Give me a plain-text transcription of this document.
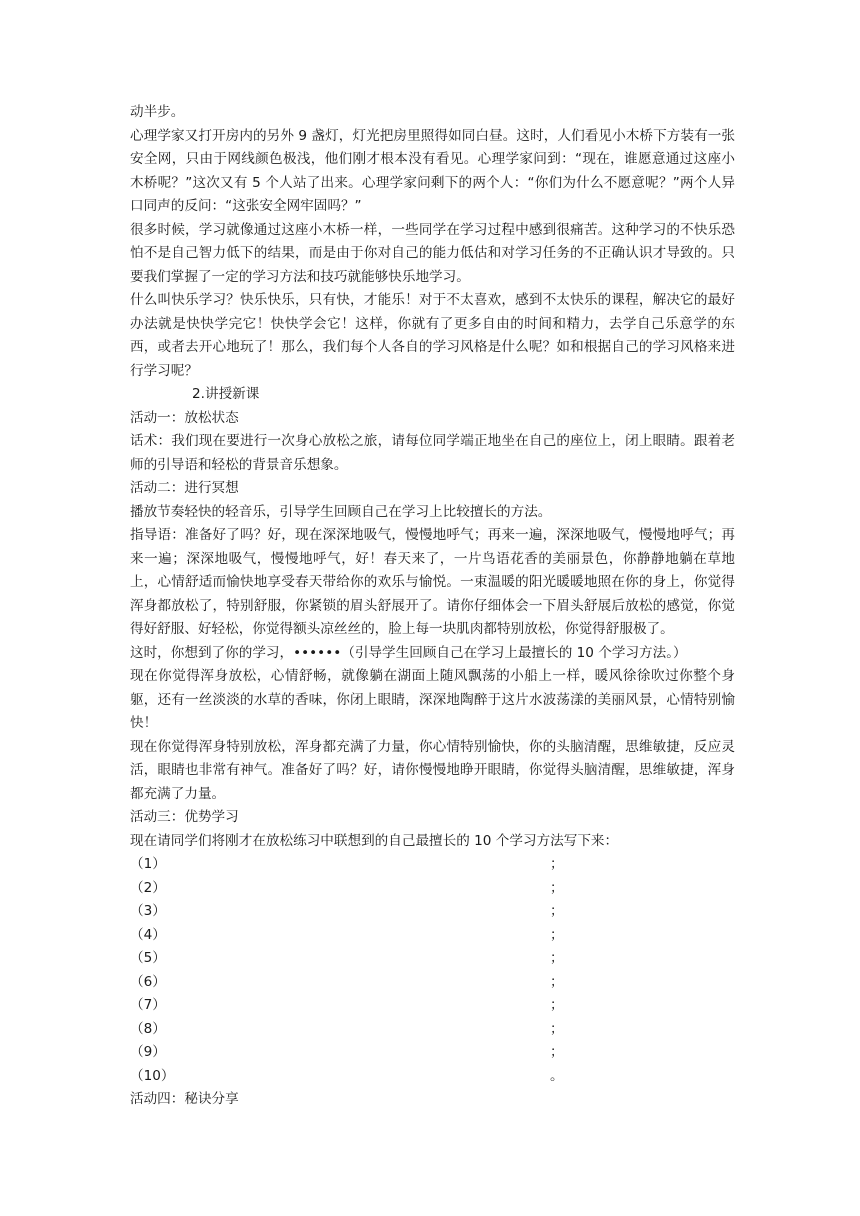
动半步。

心理学家又打开房内的另外 9 盏灯，灯光把房里照得如同白昼。这时，人们看见小木桥下方装有一张安全网，只由于网线颜色极浅，他们刚才根本没有看见。心理学家问到：“现在，谁愿意通过这座小木桥呢？”这次又有 5 个人站了出来。心理学家问剩下的两个人：“你们为什么不愿意呢？”两个人异口同声的反问：“这张安全网牢固吗？”

很多时候，学习就像通过这座小木桥一样，一些同学在学习过程中感到很痛苦。这种学习的不快乐恐怕不是自己智力低下的结果，而是由于你对自己的能力低估和对学习任务的不正确认识才导致的。只要我们掌握了一定的学习方法和技巧就能够快乐地学习。

什么叫快乐学习？快乐快乐，只有快，才能乐！对于不太喜欢，感到不太快乐的课程，解决它的最好办法就是快快学完它！快快学会它！这样，你就有了更多自由的时间和精力，去学自己乐意学的东西，或者去开心地玩了！那么，我们每个人各自的学习风格是什么呢？如和根据自己的学习风格来进行学习呢？

2.讲授新课

活动一：放松状态

话术：我们现在要进行一次身心放松之旅，请每位同学端正地坐在自己的座位上，闭上眼睛。跟着老师的引导语和轻松的背景音乐想象。

活动二：进行冥想

播放节奏轻快的轻音乐，引导学生回顾自己在学习上比较擅长的方法。

指导语：准备好了吗？好，现在深深地吸气，慢慢地呼气；再来一遍，深深地吸气，慢慢地呼气；再来一遍；深深地吸气，慢慢地呼气，好！春天来了，一片鸟语花香的美丽景色，你静静地躺在草地上，心情舒适而愉快地享受春天带给你的欢乐与愉悦。一束温暖的阳光暖暖地照在你的身上，你觉得浑身都放松了，特别舒服，你紧锁的眉头舒展开了。请你仔细体会一下眉头舒展后放松的感觉，你觉得好舒服、好轻松，你觉得额头凉丝丝的，脸上每一块肌肉都特别放松，你觉得舒服极了。

这时，你想到了你的学习，••••••（引导学生回顾自己在学习上最擅长的 10 个学习方法。）

现在你觉得浑身放松，心情舒畅，就像躺在湖面上随风飘荡的小船上一样，暖风徐徐吹过你整个身躯，还有一丝淡淡的水草的香味，你闭上眼睛，深深地陶醉于这片水波荡漾的美丽风景，心情特别愉快！

现在你觉得浑身特别放松，浑身都充满了力量，你心情特别愉快，你的头脑清醒，思维敏捷，反应灵活，眼睛也非常有神气。准备好了吗？好，请你慢慢地睁开眼睛，你觉得头脑清醒，思维敏捷，浑身都充满了力量。

活动三：优势学习

现在请同学们将刚才在放松练习中联想到的自己最擅长的 10 个学习方法写下来：

（1）	；
（2）	；
（3）	；
（4）	；
（5）	；
（6）	；
（7）	；
（8）	；
（9）	；
（10）	。

活动四：秘诀分享
